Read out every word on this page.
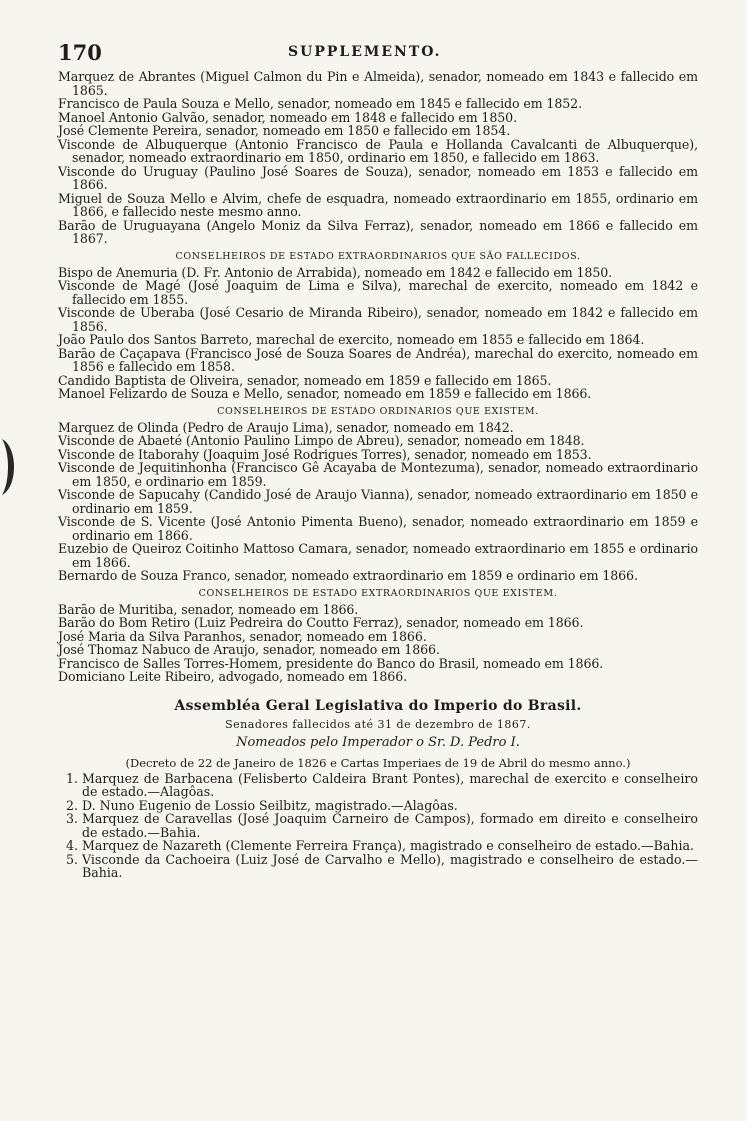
170	SUPPLEMENTO.

Marquez de Abrantes (Miguel Calmon du Pin e Almeida), senador, nomeado em 1843 e fallecido em 1865.

Francisco de Paula Souza e Mello, senador, nomeado em 1845 e fallecido em 1852.

Manoel Antonio Galvão, senador, nomeado em 1848 e fallecido em 1850.

José Clemente Pereira, senador, nomeado em 1850 e fallecido em 1854.

Visconde de Albuquerque (Antonio Francisco de Paula e Hollanda Cavalcanti de Albuquerque), senador, nomeado extraordinario em 1850, ordinario em 1850, e fallecido em 1863.

Visconde do Uruguay (Paulino José Soares de Souza), senador, nomeado em 1853 e fallecido em 1866.

Miguel de Souza Mello e Alvim, chefe de esquadra, nomeado extraordinario em 1855, ordinario em 1866, e fallecido neste mesmo anno.

Barão de Uruguayana (Angelo Moniz da Silva Ferraz), senador, nomeado em 1866 e fallecido em 1867.

CONSELHEIROS DE ESTADO EXTRAORDINARIOS QUE SÃO FALLECIDOS.

Bispo de Anemuria (D. Fr. Antonio de Arrabida), nomeado em 1842 e fallecido em 1850.

Visconde de Magé (José Joaquim de Lima e Silva), marechal de exercito, nomeado em 1842 e fallecido em 1855.

Visconde de Uberaba (José Cesario de Miranda Ribeiro), senador, nomeado em 1842 e fallecido em 1856.

João Paulo dos Santos Barreto, marechal de exercito, nomeado em 1855 e fallecido em 1864.

Barão de Caçapava (Francisco José de Souza Soares de Andréa), marechal do exercito, nomeado em 1856 e fallecido em 1858.

Candido Baptista de Oliveira, senador, nomeado em 1859 e fallecido em 1865.

Manoel Felizardo de Souza e Mello, senador, nomeado em 1859 e fallecido em 1866.

CONSELHEIROS DE ESTADO ORDINARIOS QUE EXISTEM.

Marquez de Olinda (Pedro de Araujo Lima), senador, nomeado em 1842.

Visconde de Abaeté (Antonio Paulino Limpo de Abreu), senador, nomeado em 1848.

Visconde de Itaborahy (Joaquim José Rodrigues Torres), senador, nomeado em 1853.

Visconde de Jequitinhonha (Francisco Gê Acayaba de Montezuma), senador, nomeado extraordinario em 1850, e ordinario em 1859.

Visconde de Sapucahy (Candido José de Araujo Vianna), senador, nomeado extraordinario em 1850 e ordinario em 1859.

Visconde de S. Vicente (José Antonio Pimenta Bueno), senador, nomeado extraordinario em 1859 e ordinario em 1866.

Euzebio de Queiroz Coitinho Mattoso Camara, senador, nomeado extraordinario em 1855 e ordinario em 1866.

Bernardo de Souza Franco, senador, nomeado extraordinario em 1859 e ordinario em 1866.

CONSELHEIROS DE ESTADO EXTRAORDINARIOS QUE EXISTEM.

Barão de Muritiba, senador, nomeado em 1866.

Barão do Bom Retiro (Luiz Pedreira do Coutto Ferraz), senador, nomeado em 1866.

José Maria da Silva Paranhos, senador, nomeado em 1866.

José Thomaz Nabuco de Araujo, senador, nomeado em 1866.

Francisco de Salles Torres-Homem, presidente do Banco do Brasil, nomeado em 1866.

Domiciano Leite Ribeiro, advogado, nomeado em 1866.

Assembléa Geral Legislativa do Imperio do Brasil.
Senadores fallecidos até 31 de dezembro de 1867.
Nomeados pelo Imperador o Sr. D. Pedro I.
(Decreto de 22 de Janeiro de 1826 e Cartas Imperiaes de 19 de Abril do mesmo anno.)
1. Marquez de Barbacena (Felisberto Caldeira Brant Pontes), marechal de exercito e conselheiro de estado.—Alagôas.
2. D. Nuno Eugenio de Lossio Seilbitz, magistrado.—Alagôas.
3. Marquez de Caravellas (José Joaquim Carneiro de Campos), formado em direito e conselheiro de estado.—Bahia.
4. Marquez de Nazareth (Clemente Ferreira França), magistrado e conselheiro de estado.—Bahia.
5. Visconde da Cachoeira (Luiz José de Carvalho e Mello), magistrado e conselheiro de estado.—Bahia.
